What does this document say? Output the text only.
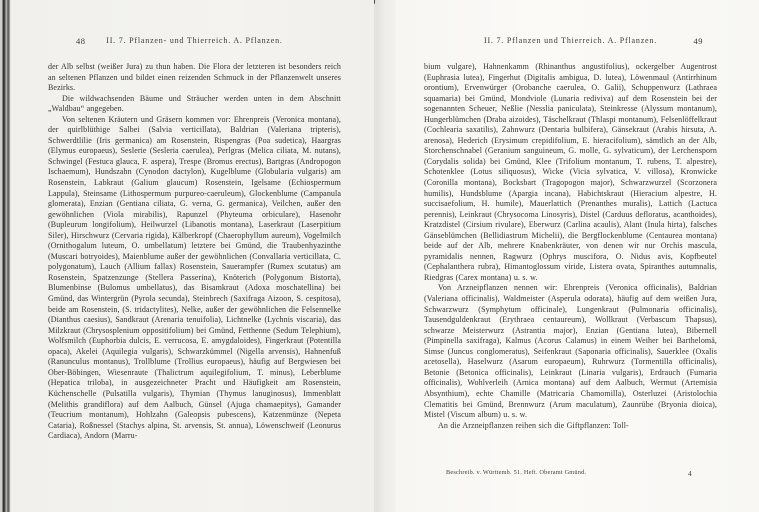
48	II. 7. Pflanzen- und Thierreich. A. Pflanzen.

der Alb selbst (weißer Jura) zu thun haben. Die Flora der letzteren ist besonders reich an seltenen Pflanzen und bildet einen reizenden Schmuck in der Pflanzenwelt unseres Bezirks.

Die wildwachsenden Bäume und Sträucher werden unten in dem Abschnitt „Waldbau“ angegeben.

Von seltenen Kräutern und Gräsern kommen vor: Ehrenpreis (Veronica montana), der quirlblüthige Salbei (Salvia verticillata), Baldrian (Valeriana tripteris), Schwerdtlilie (Iris germanica) am Rosenstein, Rispengras (Poa sudetica), Haargras (Elymus europaeus), Seslerie (Sesleria caerulea), Perlgras (Melica ciliata, M. nutans), Schwingel (Festuca glauca, F. aspera), Trespe (Bromus erectus), Bartgras (Andropogon Ischaemum), Hundszahn (Cynodon dactylon), Kugelblume (Globularia vulgaris) am Rosenstein, Labkraut (Galium glaucum) Rosenstein, Igelsame (Echiospermum Lappula), Steinsame (Lithospermum purpureo-caeruleum), Glockenblume (Campanula glomerata), Enzian (Gentiana ciliata, G. verna, G. germanica), Veilchen, außer den gewöhnlichen (Viola mirabilis), Rapunzel (Phyteuma orbiculare), Hasenohr (Bupleurum longifolium), Heilwurzel (Libanotis montana), Laserkraut (Laserpitium Siler), Hirschwurz (Cervaria rigida), Kälberkropf (Chaerophyllum aureum), Vogelmilch (Ornithogalum luteum, O. umbellatum) letztere bei Gmünd, die Traubenhyazinthe (Muscari botryoides), Maienblume außer der gewöhnlichen (Convallaria verticillata, C. polygonatum), Lauch (Allium fallax) Rosenstein, Sauerampfer (Rumex scutatus) am Rosenstein, Spatzenzunge (Stellera Passerina), Knöterich (Polygonum Bistorta), Blumenbinse (Bulomus umbellatus), das Bisamkraut (Adoxa moschatellina) bei Gmünd, das Wintergrün (Pyrola secunda), Steinbrech (Saxifraga Aizoon, S. cespitosa), beide am Rosenstein, (S. tridactylites), Nelke, außer der gewöhnlichen die Felsennelke (Dianthus caesius), Sandkraut (Arenaria tenuifolia), Lichtnelke (Lychnis viscaria), das Milzkraut (Chrysosplenium oppositifolium) bei Gmünd, Fetthenne (Sedum Telephium), Wolfsmilch (Euphorbia dulcis, E. verrucosa, E. amygdaloides), Fingerkraut (Potentilla opaca), Akelei (Aquilegia vulgaris), Schwarzkümmel (Nigella arvensis), Hahnenfuß (Ranunculus montanus), Trollblume (Trollius europaeus), häufig auf Bergwiesen bei Ober-Böbingen, Wiesenraute (Thalictrum aquilegifolium, T. minus), Leberblume (Hepatica triloba), in ausgezeichneter Pracht und Häufigkeit am Rosenstein, Küchenschelle (Pulsatilla vulgaris), Thymian (Thymus lanuginosus), Immenblatt (Melithis grandiflora) auf dem Aalbuch, Günsel (Ajuga chamaepitys), Gamander (Teucrium montanum), Hohlzahn (Galeopsis pubescens), Katzenmünze (Nepeta Cataria), Roßnessel (Stachys alpina, St. arvensis, St. annua), Löwenschweif (Leonurus Cardiaca), Andorn (Marru-

II. 7. Pflanzen und Thierreich. A. Pflanzen.	49

bium vulgare), Hahnenkamm (Rhinanthus angustifolius), ockergelber Augentrost (Euphrasia lutea), Fingerhut (Digitalis ambigua, D. lutea), Löwenmaul (Antirrhinum orontium), Ervenwürger (Orobanche caerulea, O. Galii), Schuppenwurz (Lathraea squamaria) bei Gmünd, Mondviole (Lunaria rediviva) auf dem Rosenstein bei der sogenannten Scheuer, Neßlie (Nesslia paniculata), Steinkresse (Alyssum montanum), Hungerblümchen (Draba aizoides), Täschelkraut (Thlaspi montanum), Felsenlöffelkraut (Cochlearia saxatilis), Zahnwurz (Dentaria bulbifera), Gänsekraut (Arabis hirsuta, A. arenosa), Hederich (Erysimum crepidifolium, E. hieracifolium), sämtlich an der Alb, Storchenschnabel (Geranium sanguineum, G. molle, G. sylvaticum), der Lerchensporn (Corydalis solida) bei Gmünd, Klee (Trifolium montanum, T. rubens, T. alpestre), Schotenklee (Lotus siliquosus), Wicke (Vicia sylvatica, V. villosa), Kronwicke (Coronilla montana), Bocksbart (Tragopogon major), Schwarzwurzel (Scorzonera humilis), Hundsblume (Apargia incana), Habichtskraut (Hieracium alpestre, H. succisaefolium, H. humile), Mauerlattich (Prenanthes muralis), Lattich (Lactuca perennis), Leinkraut (Chrysocoma Linosyris), Distel (Carduus defloratus, acanthoides), Kratzdistel (Cirsium rivulare), Eberwurz (Carlina acaulis), Alant (Inula hirta), falsches Gänseblümchen (Bellidiastrum Michelii), die Bergflockenblume (Centaurea montana) beide auf der Alb, mehrere Knabenkräuter, von denen wir nur Orchis mascula, pyramidalis nennen, Ragwurz (Ophrys muscifora, O. Nidus avis, Kopfbeutel (Cephalanthera rubra), Himantoglossum viride, Listera ovata, Spiranthes autumnalis, Riedgras (Carex montana) u. s. w.

Von Arzneipflanzen nennen wir: Ehrenpreis (Veronica officinalis), Baldrian (Valeriana officinalis), Waldmeister (Asperula odorata), häufig auf dem weißen Jura, Schwarzwurz (Symphytum officinale), Lungenkraut (Pulmonaria officinalis), Tausendguldenkraut (Erythraea centaureum), Wollkraut (Verbascum Thapsus), schwarze Meisterwurz (Astrantia major), Enzian (Gentiana lutea), Bibernell (Pimpinella saxifraga), Kalmus (Acorus Calamus) in einem Weiher bei Barthelomä, Simse (Juncus conglomeratus), Seifenkraut (Saponaria officinalis), Sauerklee (Oxalis acetosella), Haselwurz (Asarum europaeum), Ruhrwurz (Tormentilla officinalis), Betonie (Betonica officinalis), Leinkraut (Linaria vulgaris), Erdrauch (Fumaria officinalis), Wohlverleih (Arnica montana) auf dem Aalbuch, Wermut (Artemisia Absynthium), echte Chamille (Matricaria Chamomilla), Osterluzei (Aristolochia Clematitis bei Gmünd, Brennwurz (Arum maculatum), Zaunrübe (Bryonia dioica), Mistel (Viscum album) u. s. w.

An die Arzneipflanzen reihen sich die Giftpflanzen: Toll-

Beschreib. v. Württemb. 51. Heft. Oberamt Gmünd.	4
